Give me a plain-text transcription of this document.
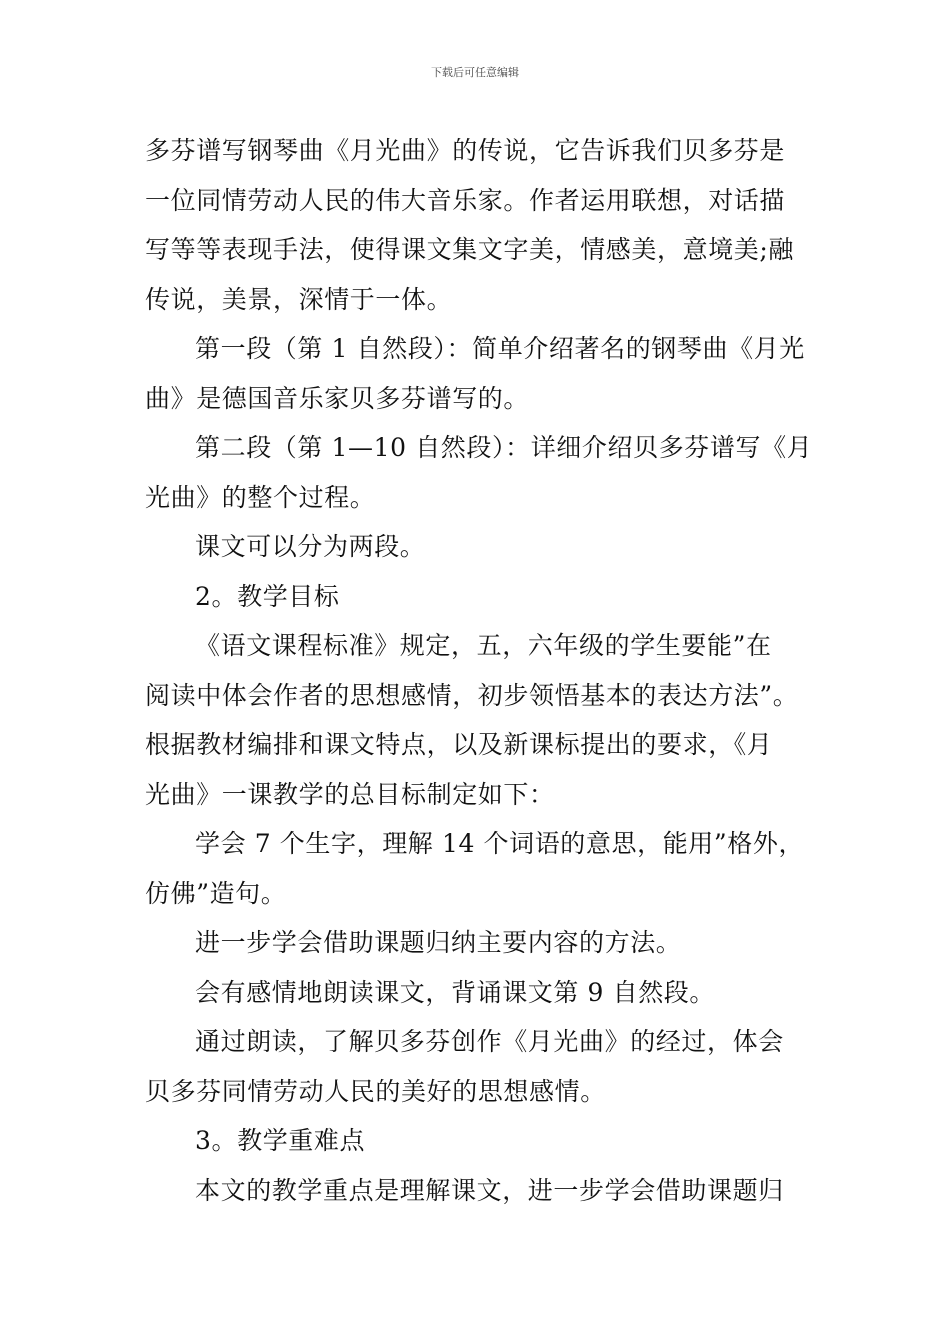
下载后可任意编辑
多芬谱写钢琴曲《月光曲》的传说，它告诉我们贝多芬是
一位同情劳动人民的伟大音乐家。作者运用联想，对话描
写等等表现手法，使得课文集文字美，情感美，意境美;融
传说，美景，深情于一体。
第一段（第 1 自然段）：简单介绍著名的钢琴曲《月光
曲》是德国音乐家贝多芬谱写的。
第二段（第 1—10 自然段）：详细介绍贝多芬谱写《月
光曲》的整个过程。
课文可以分为两段。
2。教学目标
《语文课程标准》规定，五，六年级的学生要能”在
阅读中体会作者的思想感情，初步领悟基本的表达方法”。
根据教材编排和课文特点，以及新课标提出的要求，《月
光曲》一课教学的总目标制定如下：
学会 7 个生字，理解 14 个词语的意思，能用”格外，
仿佛”造句。
进一步学会借助课题归纳主要内容的方法。
会有感情地朗读课文，背诵课文第 9 自然段。
通过朗读，了解贝多芬创作《月光曲》的经过，体会
贝多芬同情劳动人民的美好的思想感情。
3。教学重难点
本文的教学重点是理解课文，进一步学会借助课题归
